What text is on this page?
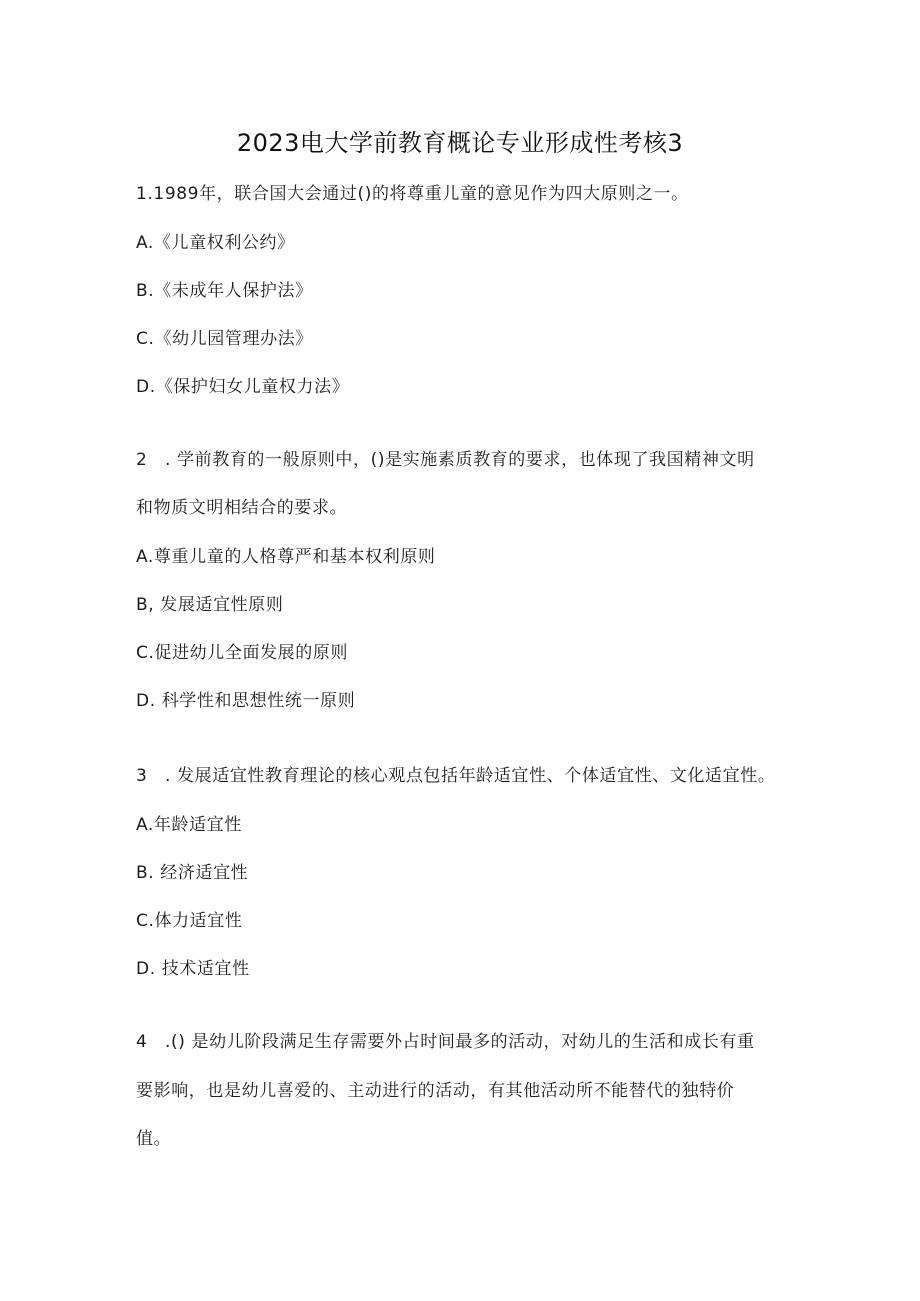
2023电大学前教育概论专业形成性考核3
1.1989年，联合国大会通过()的将尊重儿童的意见作为四大原则之一。
A.《儿童权利公约》
B.《未成年人保护法》
C.《幼儿园管理办法》
D.《保护妇女儿童权力法》
2　. 学前教育的一般原则中，()是实施素质教育的要求，也体现了我国精神文明
和物质文明相结合的要求。
A.尊重儿童的人格尊严和基本权利原则
B, 发展适宜性原则
C.促进幼儿全面发展的原则
D. 科学性和思想性统一原则
3　. 发展适宜性教育理论的核心观点包括年龄适宜性、个体适宜性、文化适宜性。
A.年龄适宜性
B. 经济适宜性
C.体力适宜性
D. 技术适宜性
4　.() 是幼儿阶段满足生存需要外占时间最多的活动，对幼儿的生活和成长有重
要影响，也是幼儿喜爱的、主动进行的活动，有其他活动所不能替代的独特价
值。
